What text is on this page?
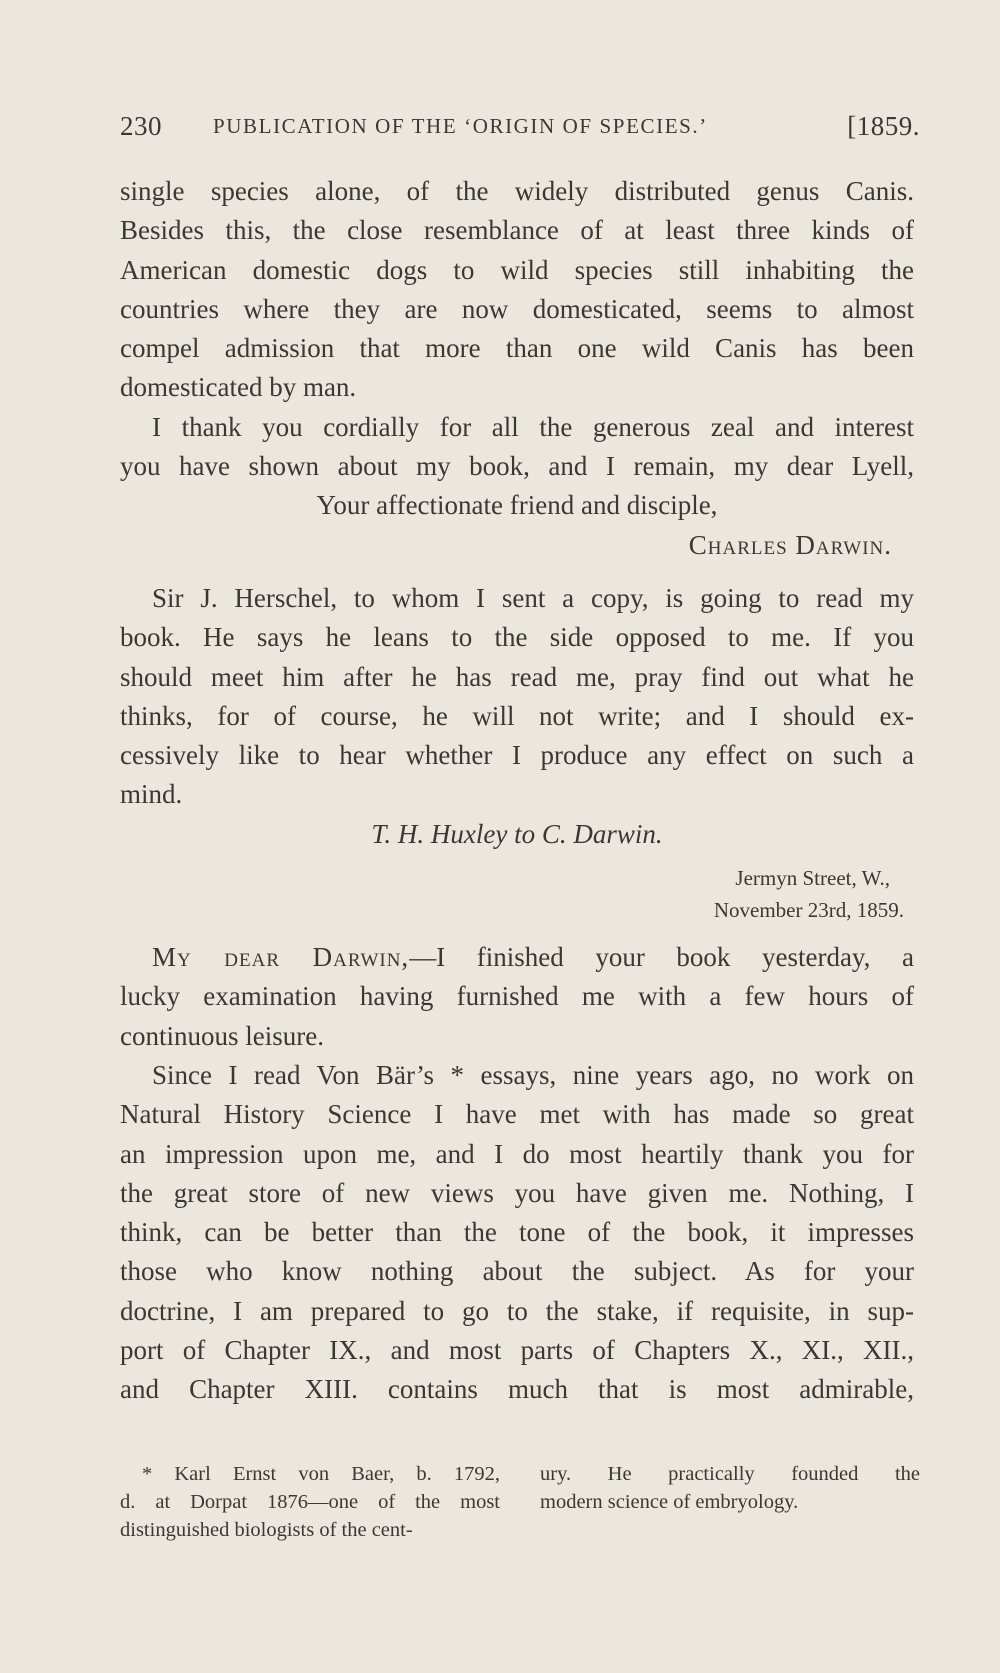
230 PUBLICATION OF THE ‘ORIGIN OF SPECIES.’	[1859.
single species alone, of the widely distributed genus Canis.
Besides this, the close resemblance of at least three kinds of
American domestic dogs to wild species still inhabiting the
countries where they are now domesticated, seems to almost
compel admission that more than one wild Canis has been
domesticated by man.
I thank you cordially for all the generous zeal and interest
you have shown about my book, and I remain, my dear Lyell,
Your affectionate friend and disciple,
Charles Darwin.
Sir J. Herschel, to whom I sent a copy, is going to read my
book. He says he leans to the side opposed to me. If you
should meet him after he has read me, pray find out what he
thinks, for of course, he will not write; and I should ex-
cessively like to hear whether I produce any effect on such a
mind.
T. H. Huxley to C. Darwin.
Jermyn Street, W.,
November 23rd, 1859.
My dear Darwin,—I finished your book yesterday, a
lucky examination having furnished me with a few hours of
continuous leisure.
Since I read Von Bär’s * essays, nine years ago, no work on
Natural History Science I have met with has made so great
an impression upon me, and I do most heartily thank you for
the great store of new views you have given me. Nothing, I
think, can be better than the tone of the book, it impresses
those who know nothing about the subject. As for your
doctrine, I am prepared to go to the stake, if requisite, in sup-
port of Chapter IX., and most parts of Chapters X., XI., XII.,
and Chapter XIII. contains much that is most admirable,
* Karl Ernst von Baer, b. 1792,
d. at Dorpat 1876—one of the most
distinguished biologists of the cent-
ury. He practically founded the
modern science of embryology.
